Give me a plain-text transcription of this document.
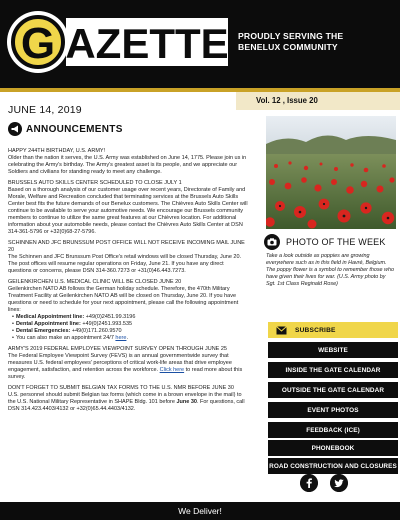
G AZETTE PROUDLY SERVING THE
BENELUX COMMUNITY
Vol. 12 , Issue 20
JUNE 14, 2019
ANNOUNCEMENTS
HAPPY 244TH BIRTHDAY, U.S. ARMY!
Older than the nation it serves, the U.S. Army was established on June 14, 1775. Please join us in celebrating the Army's birthday. The Army's greatest asset is its people, and we appreciate our Soldiers and civilians for standing ready to meet any challenge.
BRUSSELS AUTO SKILLS CENTER SCHEDULED TO CLOSE JULY 1
Based on a thorough analysis of our customer usage over recent years, Directorate of Family and Morale, Welfare and Recreation concluded that terminating services at the Brussels Auto Skills Center best fits the future demands of our Benelux customers. The Chièvres Auto Skills Center will continue to be available to serve your automotive needs. We encourage our Brussels community members to continue to utilize the same great features at our Chièvres location. For additional information about your automobile needs, please contact the Chièvres Auto Skills Center at DSN 314-361-5796 or +32(0)68-27-5796.
SCHINNEN AND JFC BRUNSSUM POST OFFICE WILL NOT RECEIVE INCOMING MAIL JUNE 20
The Schinnen and JFC Brunssum Post Office's retail windows will be closed Thursday, June 20. The post offices will resume regular operations on Friday, June 21. If you have any direct questions or concerns, please DSN 314-360.7273 or +31(0)46.443.7273.
GEILENKIRCHEN U.S. MEDICAL CLINIC WILL BE CLOSED JUNE 20
Geilenkirchen NATO AB follows the German holiday schedule. Therefore, the 470th Military Treatment Facility at Geilenkirchen NATO AB will be closed on Thursday, June 20. If you have questions or need to schedule for your next appointment, please call the following appointment lines:
• Medical Appointment line: +49(0)2451.99.3196
• Dental Appointment line: +49(0)2451.993.535
• Dental Emergencies: +49(0)171.260.9570
• You can also make an appointment 24/7 here.
ARMY'S 2019 FEDERAL EMPLOYEE VIEWPOINT SURVEY OPEN THROUGH JUNE 25
The Federal Employee Viewpoint Survey (FEVS) is an annual governmentwide survey that measures U.S. federal employees' perceptions of critical work-life areas that drive employee engagement, satisfaction, and retention across the workforce. Click here to read more about this survey.
DON'T FORGET TO SUBMIT BELGIAN TAX FORMS TO THE U.S. NMR BEFORE JUNE 30
U.S. personnel should submit Belgian tax forms (which come in a brown envelope in the mail) to the U.S. National Military Representative in SHAPE Bldg. 101 before June 30. For questions, call DSN 314.423.4403/4132 or +32(0)65.44.4403/4132.
PHOTO OF THE WEEK
Take a look outside as poppies are growing everywhere such as in this field in Havré, Belgium. The poppy flower is a symbol to remember those who have given their lives for war. (U.S. Army photo by Sgt. 1st Class Reginald Rose)
SUBSCRIBE
WEBSITE
INSIDE THE GATE CALENDAR
OUTSIDE THE GATE CALENDAR
EVENT PHOTOS
FEEDBACK (ICE)
PHONEBOOK
ROAD CONSTRUCTION AND CLOSURES
We Deliver!
